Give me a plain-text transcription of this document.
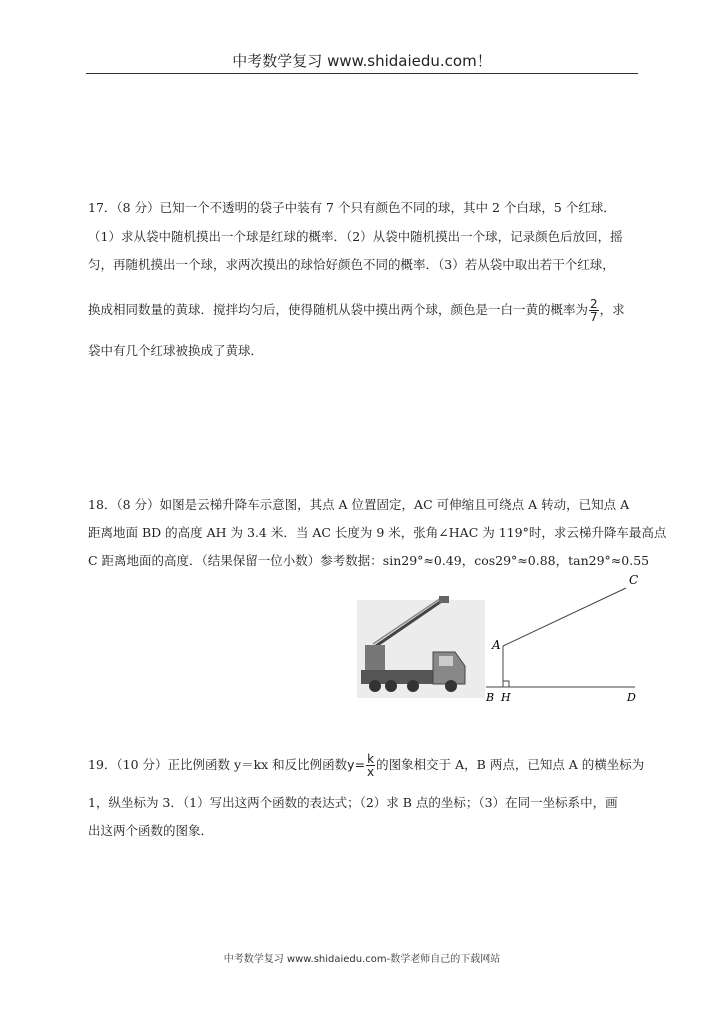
中考数学复习 www.shidaiedu.com！
17．（8 分）已知一个不透明的袋子中装有 7 个只有颜色不同的球，其中 2 个白球，5 个红球．
（1）求从袋中随机摸出一个球是红球的概率．（2）从袋中随机摸出一个球，记录颜色后放回，摇
匀，再随机摸出一个球，求两次摸出的球恰好颜色不同的概率．（3）若从袋中取出若干个红球，
换成相同数量的黄球．搅拌均匀后，使得随机从袋中摸出两个球，颜色是一白一黄的概率为 $\frac{2}{7}$ ，求
袋中有几个红球被换成了黄球．
18．（8 分）如图是云梯升降车示意图，其点 A 位置固定，AC 可伸缩且可绕点 A 转动，已知点 A
距离地面 BD 的高度 AH 为 3.4 米．当 AC 长度为 9 米，张角∠HAC 为 119°时，求云梯升降车最高点
C 距离地面的高度．（结果保留一位小数）参考数据：sin29°≈0.49，cos29°≈0.88，tan29°≈0.55
C
A
B H	D
19．（10 分）正比例函数 y＝kx 和反比例函数$y= \frac{k}{x}$ 的图象相交于 A，B 两点，已知点 A 的横坐标为
1，纵坐标为 3．（1）写出这两个函数的表达式；（2）求 B 点的坐标；（3）在同一坐标系中，画
出这两个函数的图象．
中考数学复习 www.shidaiedu.com-数学老师自己的下载网站
